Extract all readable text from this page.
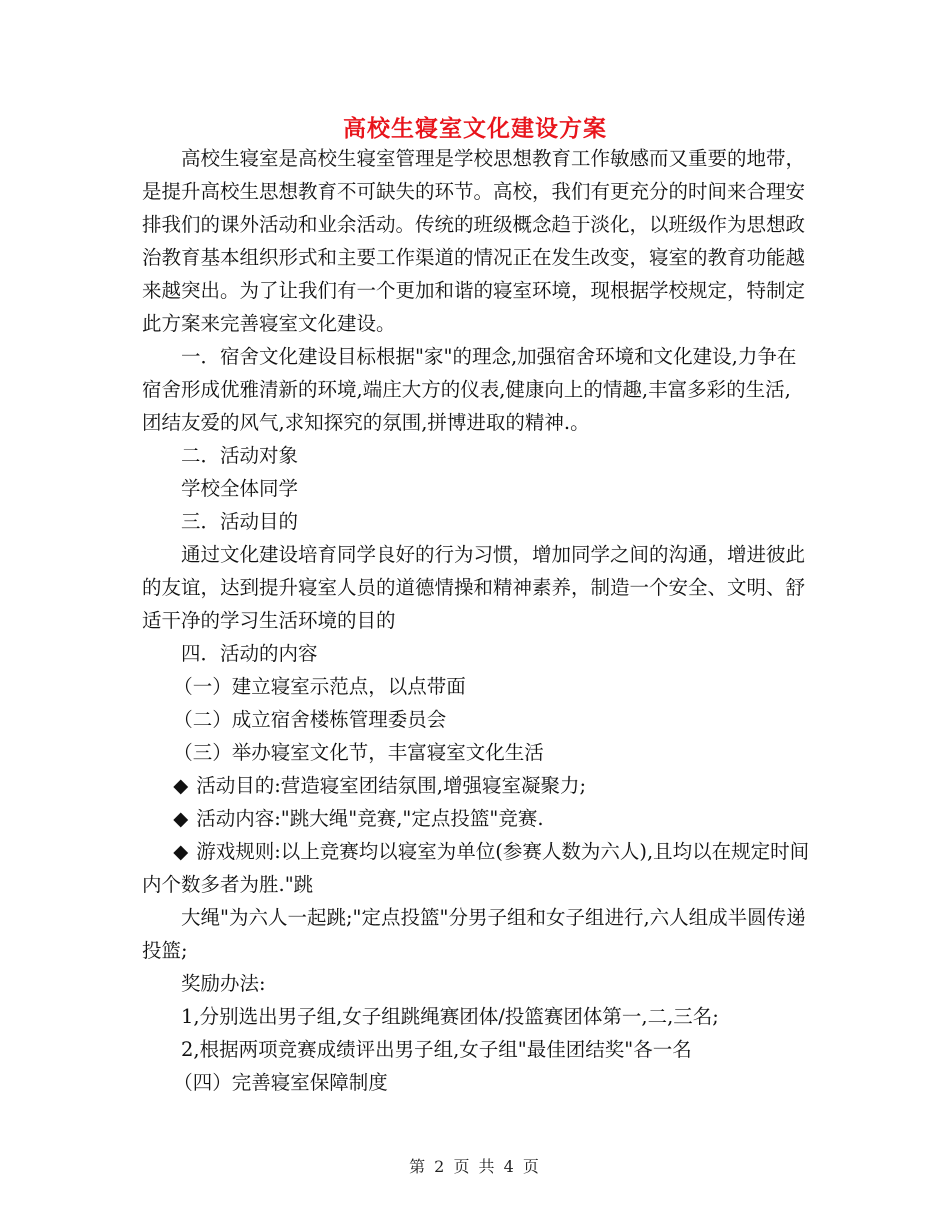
高校生寝室文化建设方案

高校生寝室是高校生寝室管理是学校思想教育工作敏感而又重要的地带，是提升高校生思想教育不可缺失的环节。高校，我们有更充分的时间来合理安排我们的课外活动和业余活动。传统的班级概念趋于淡化，以班级作为思想政治教育基本组织形式和主要工作渠道的情况正在发生改变，寝室的教育功能越来越突出。为了让我们有一个更加和谐的寝室环境，现根据学校规定，特制定此方案来完善寝室文化建设。

一．宿舍文化建设目标根据"家"的理念,加强宿舍环境和文化建设,力争在宿舍形成优雅清新的环境,端庄大方的仪表,健康向上的情趣,丰富多彩的生活,团结友爱的风气,求知探究的氛围,拼博进取的精神.。

二．活动对象

学校全体同学

三．活动目的

通过文化建设培育同学良好的行为习惯，增加同学之间的沟通，增进彼此的友谊，达到提升寝室人员的道德情操和精神素养，制造一个安全、文明、舒适干净的学习生活环境的目的

四．活动的内容

（一）建立寝室示范点，以点带面

（二）成立宿舍楼栋管理委员会

（三）举办寝室文化节，丰富寝室文化生活

◆ 活动目的:营造寝室团结氛围,增强寝室凝聚力;

◆ 活动内容:"跳大绳"竞赛,"定点投篮"竞赛.

◆ 游戏规则:以上竞赛均以寝室为单位(参赛人数为六人),且均以在规定时间内个数多者为胜."跳

大绳"为六人一起跳;"定点投篮"分男子组和女子组进行,六人组成半圆传递投篮;

奖励办法:

1,分别选出男子组,女子组跳绳赛团体/投篮赛团体第一,二,三名;

2,根据两项竞赛成绩评出男子组,女子组"最佳团结奖"各一名

（四）完善寝室保障制度

第 2 页 共 4 页
